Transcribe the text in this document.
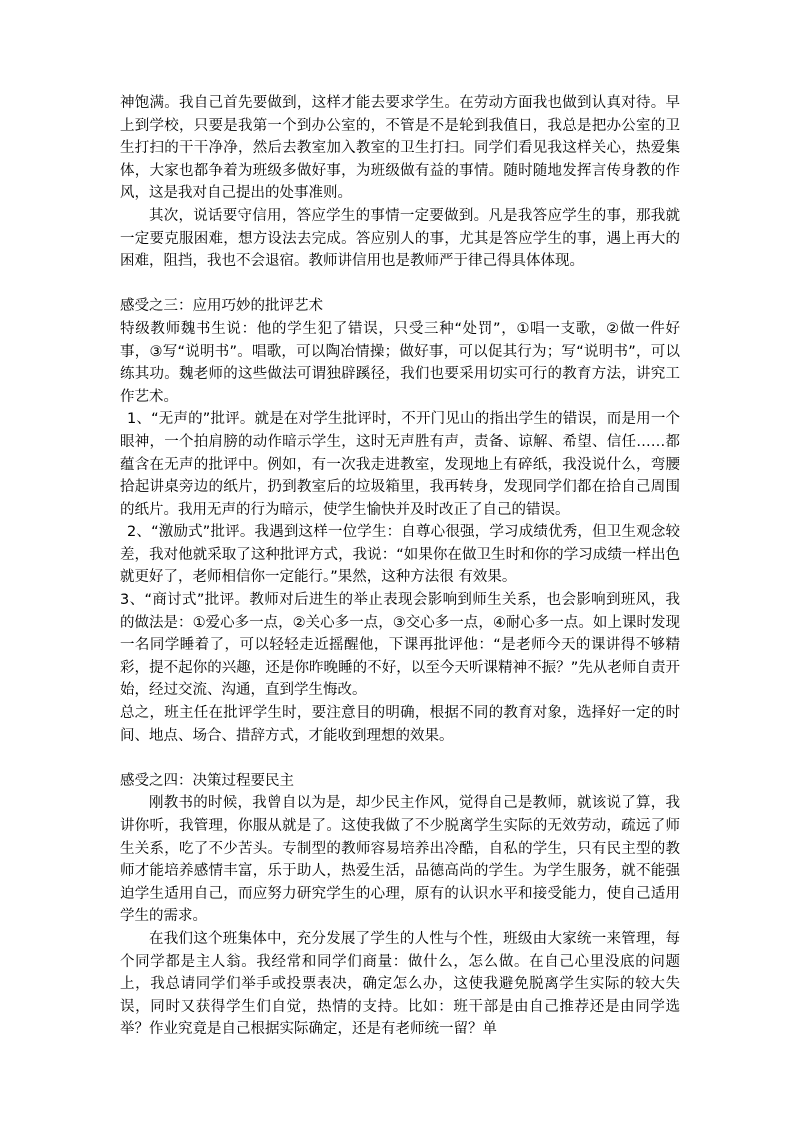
神饱满。我自己首先要做到，这样才能去要求学生。在劳动方面我也做到认真对待。早上到学校，只要是我第一个到办公室的，不管是不是轮到我值日，我总是把办公室的卫生打扫的干干净净，然后去教室加入教室的卫生打扫。同学们看见我这样关心，热爱集体，大家也都争着为班级多做好事，为班级做有益的事情。随时随地发挥言传身教的作风，这是我对自己提出的处事准则。

其次，说话要守信用，答应学生的事情一定要做到。凡是我答应学生的事，那我就一定要克服困难，想方设法去完成。答应别人的事，尤其是答应学生的事，遇上再大的困难，阻挡，我也不会退宿。教师讲信用也是教师严于律己得具体体现。

感受之三：应用巧妙的批评艺术

特级教师魏书生说：他的学生犯了错误，只受三种“处罚”，①唱一支歌，②做一件好事，③写“说明书”。唱歌，可以陶冶情操；做好事，可以促其行为；写“说明书”，可以练其功。魏老师的这些做法可谓独辟蹊径，我们也要采用切实可行的教育方法，讲究工作艺术。

1、“无声的”批评。就是在对学生批评时，不开门见山的指出学生的错误，而是用一个眼神，一个拍肩膀的动作暗示学生，这时无声胜有声，责备、谅解、希望、信任……都蕴含在无声的批评中。例如，有一次我走进教室，发现地上有碎纸，我没说什么，弯腰拾起讲桌旁边的纸片，扔到教室后的垃圾箱里，我再转身，发现同学们都在拾自己周围的纸片。我用无声的行为暗示，使学生愉快并及时改正了自己的错误。

2、“激励式”批评。我遇到这样一位学生：自尊心很强，学习成绩优秀，但卫生观念较差，我对他就采取了这种批评方式，我说：“如果你在做卫生时和你的学习成绩一样出色就更好了，老师相信你一定能行。”果然，这种方法很 有效果。

3、“商讨式”批评。教师对后进生的举止表现会影响到师生关系，也会影响到班风，我的做法是：①爱心多一点，②关心多一点，③交心多一点，④耐心多一点。如上课时发现一名同学睡着了，可以轻轻走近摇醒他，下课再批评他：“是老师今天的课讲得不够精彩，提不起你的兴趣，还是你昨晚睡的不好，以至今天听课精神不振？”先从老师自责开始，经过交流、沟通，直到学生悔改。

总之，班主任在批评学生时，要注意目的明确，根据不同的教育对象，选择好一定的时间、地点、场合、措辞方式，才能收到理想的效果。

感受之四：决策过程要民主

刚教书的时候，我曾自以为是，却少民主作风，觉得自己是教师，就该说了算，我讲你听，我管理，你服从就是了。这使我做了不少脱离学生实际的无效劳动，疏远了师生关系，吃了不少苦头。专制型的教师容易培养出冷酷，自私的学生，只有民主型的教师才能培养感情丰富，乐于助人，热爱生活，品德高尚的学生。为学生服务，就不能强迫学生适用自己，而应努力研究学生的心理，原有的认识水平和接受能力，使自己适用学生的需求。

在我们这个班集体中，充分发展了学生的人性与个性，班级由大家统一来管理，每个同学都是主人翁。我经常和同学们商量：做什么，怎么做。在自己心里没底的问题上，我总请同学们举手或投票表决，确定怎么办，这使我避免脱离学生实际的较大失误，同时又获得学生们自觉，热情的支持。比如：班干部是由自己推荐还是由同学选举？作业究竟是自己根据实际确定，还是有老师统一留？单
